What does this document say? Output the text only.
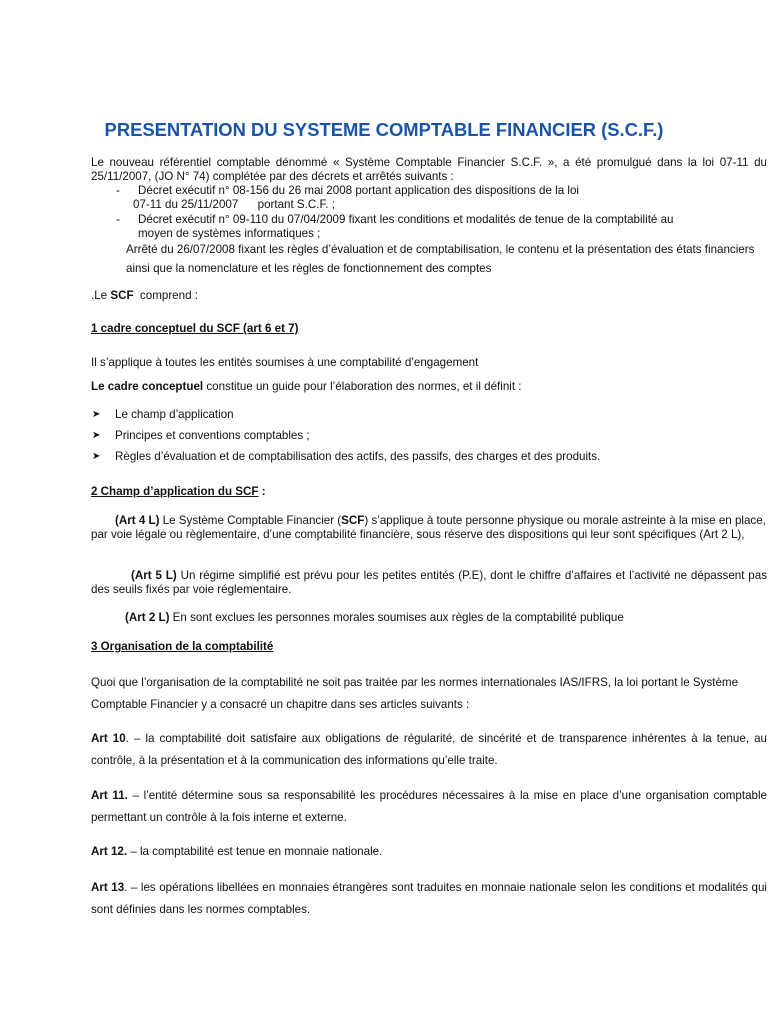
PRESENTATION DU SYSTEME COMPTABLE FINANCIER (S.C.F.)

Le nouveau référentiel comptable dénommé « Système Comptable Financier S.C.F. », a été promulgué dans la loi 07-11 du 25/11/2007, (JO N° 74) complétée par des décrets et arrêtés suivants :

- Décret exécutif n° 08-156 du 26 mai 2008 portant application des dispositions de la loi
07-11 du 25/11/2007      portant S.C.F. ;
- Décret exécutif n° 09-110 du 07/04/2009 fixant les conditions et modalités de tenue de la comptabilité au
moyen de systèmes informatiques ;

Arrêté du 26/07/2008 fixant les règles d’évaluation et de comptabilisation, le contenu et la présentation des états financiers ainsi que la nomenclature et les règles de fonctionnement des comptes

.Le SCF  comprend :

1 cadre conceptuel du SCF (art 6 et 7)

Il s’applique à toutes les entités soumises à une comptabilité d’engagement

Le cadre conceptuel constitue un guide pour l’élaboration des normes, et il définit :

➤ Le champ d’application
➤ Principes et conventions comptables ;
➤ Règles d’évaluation et de comptabilisation des actifs, des passifs, des charges et des produits.

2 Champ d’application du SCF :

(Art 4 L) Le Système Comptable Financier (SCF) s’applique à toute personne physique ou morale astreinte à la mise en place, par voie légale ou règlementaire, d’une comptabilité financière, sous réserve des dispositions qui leur sont spécifiques (Art 2 L),

(Art 5 L) Un régime simplifié est prévu pour les petites entités (P.E), dont le chiffre d’affaires et l’activité ne dépassent pas des seuils fixés par voie réglementaire.

(Art 2 L) En sont exclues les personnes morales soumises aux règles de la comptabilité publique

3 Organisation de la comptabilité

Quoi que l’organisation de la comptabilité ne soit pas traitée par les normes internationales IAS/IFRS, la loi portant le Système Comptable Financier y a consacré un chapitre dans ses articles suivants :

Art 10. – la comptabilité doit satisfaire aux obligations de régularité, de sincérité et de transparence inhérentes à la tenue, au contrôle, à la présentation et à la communication des informations qu’elle traite.

Art 11. – l’entité détermine sous sa responsabilité les procédures nécessaires à la mise en place d’une organisation comptable permettant un contrôle à la fois interne et externe.

Art 12. – la comptabilité est tenue en monnaie nationale.

Art 13. – les opérations libellées en monnaies étrangères sont traduites en monnaie nationale selon les conditions et modalités qui sont définies dans les normes comptables.
